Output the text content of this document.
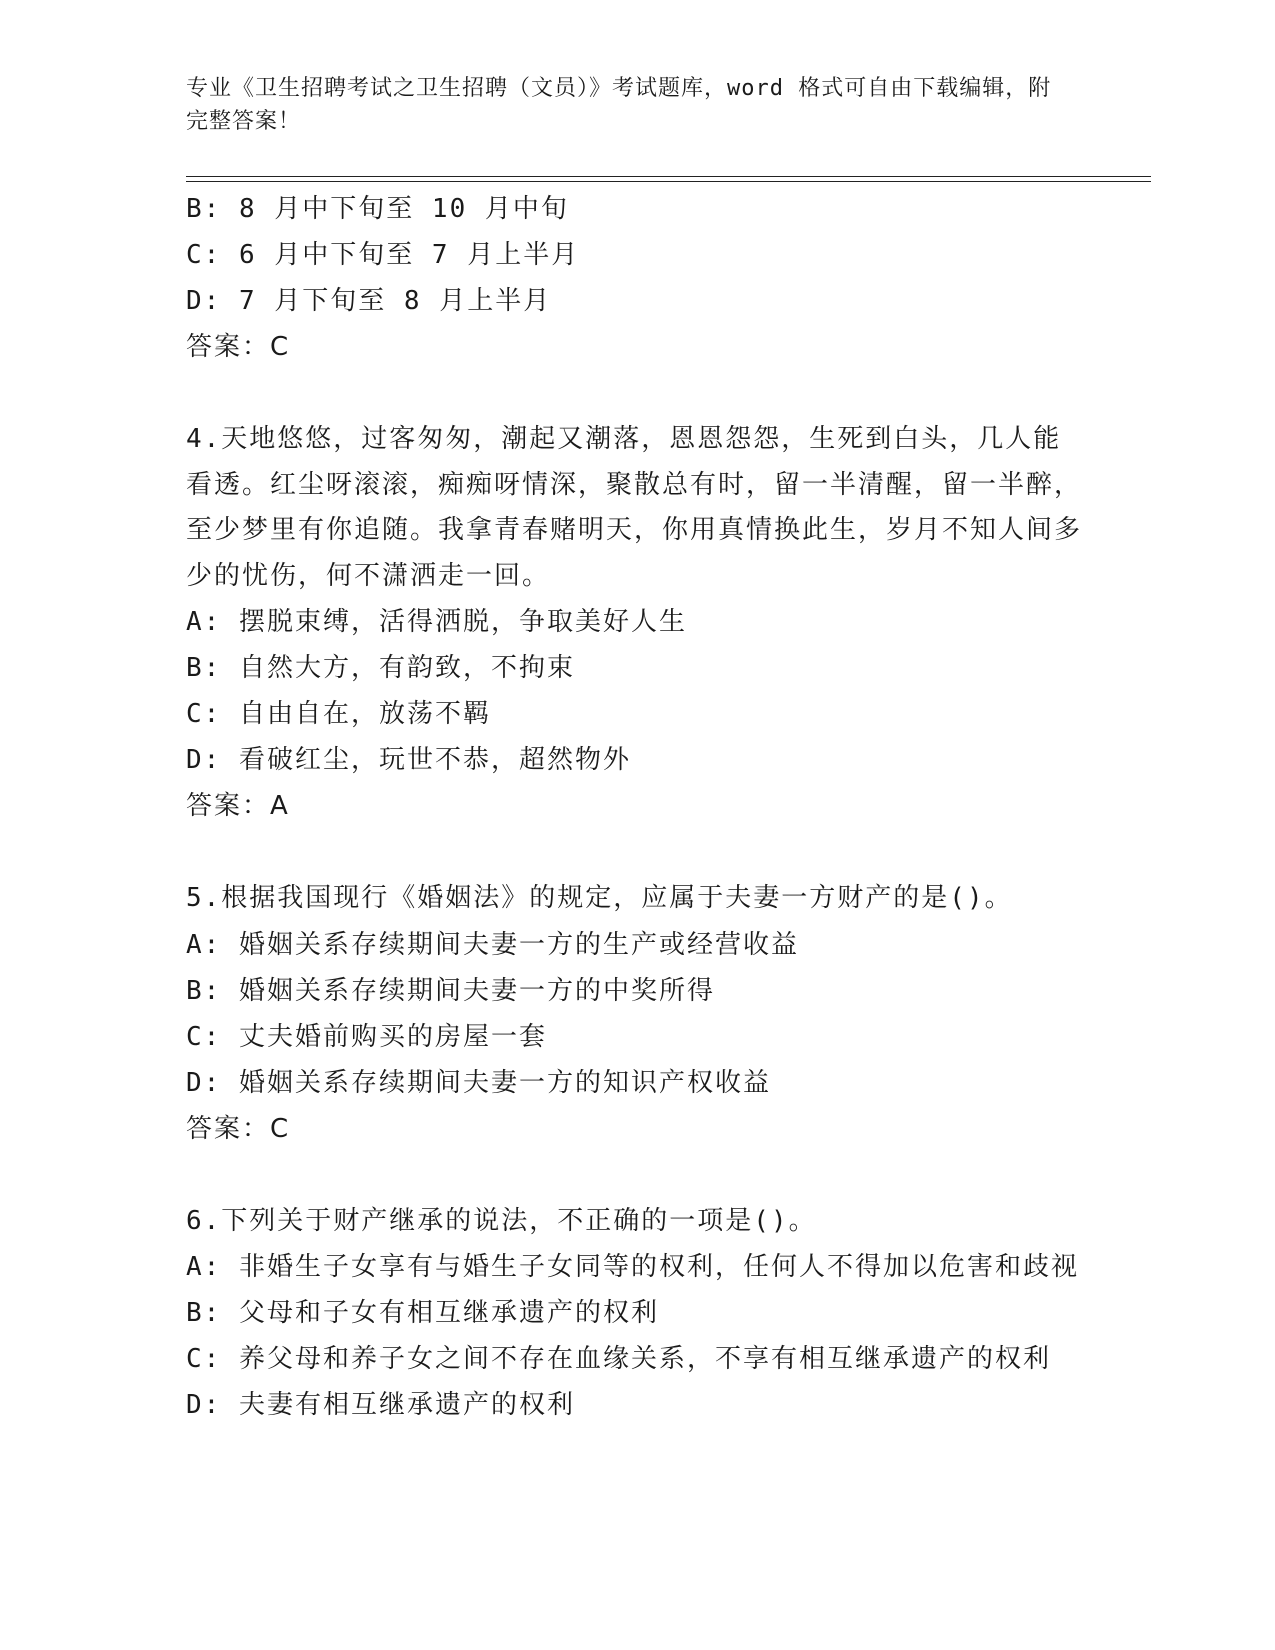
专业《卫生招聘考试之卫生招聘（文员）》考试题库，word 格式可自由下载编辑，附完整答案！
B: 8 月中下旬至 10 月中旬
C: 6 月中下旬至 7 月上半月
D: 7 月下旬至 8 月上半月
答案：C
4.天地悠悠，过客匆匆，潮起又潮落，恩恩怨怨，生死到白头，几人能看透。红尘呀滚滚，痴痴呀情深，聚散总有时，留一半清醒，留一半醉，至少梦里有你追随。我拿青春赌明天，你用真情换此生，岁月不知人间多少的忧伤，何不潇洒走一回。
A: 摆脱束缚，活得洒脱，争取美好人生
B: 自然大方，有韵致，不拘束
C: 自由自在，放荡不羁
D: 看破红尘，玩世不恭，超然物外
答案：A
5.根据我国现行《婚姻法》的规定，应属于夫妻一方财产的是()。
A: 婚姻关系存续期间夫妻一方的生产或经营收益
B: 婚姻关系存续期间夫妻一方的中奖所得
C: 丈夫婚前购买的房屋一套
D: 婚姻关系存续期间夫妻一方的知识产权收益
答案：C
6.下列关于财产继承的说法，不正确的一项是()。
A: 非婚生子女享有与婚生子女同等的权利，任何人不得加以危害和歧视
B: 父母和子女有相互继承遗产的权利
C: 养父母和养子女之间不存在血缘关系，不享有相互继承遗产的权利
D: 夫妻有相互继承遗产的权利
